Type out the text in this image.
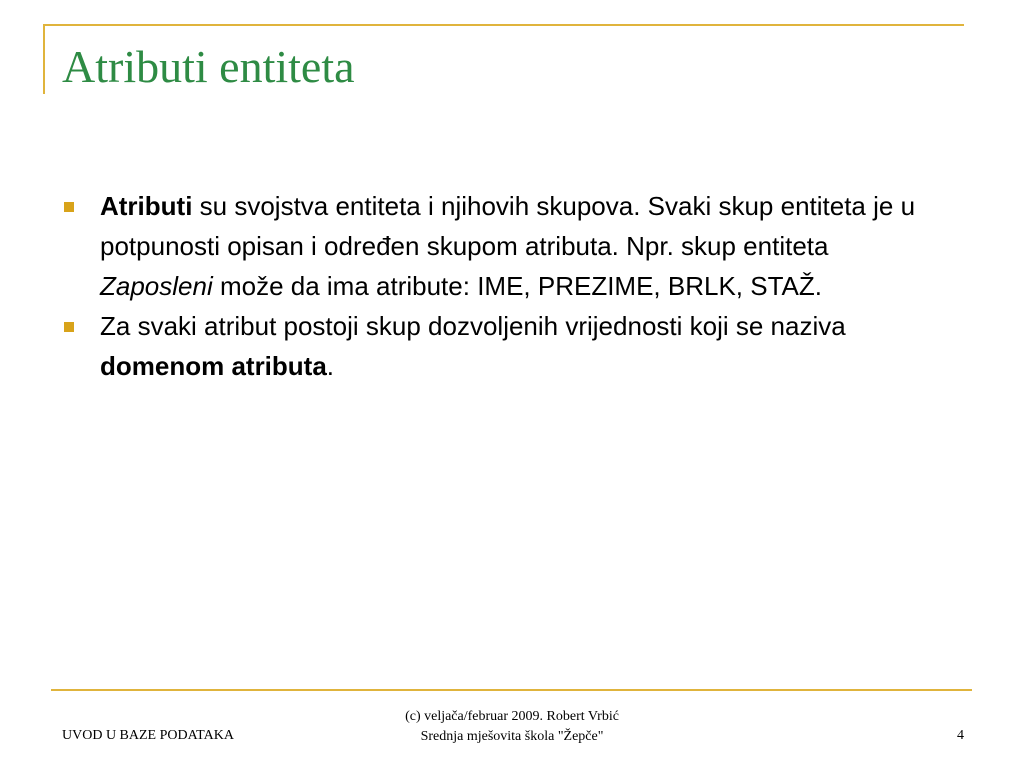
Atributi entiteta
Atributi su svojstva entiteta i njihovih skupova. Svaki skup entiteta je u potpunosti opisan i određen skupom atributa. Npr. skup entiteta Zaposleni može da ima atribute: IME, PREZIME, BRLK, STAŽ.
Za svaki atribut postoji skup dozvoljenih vrijednosti koji se naziva domenom atributa.
UVOD U BAZE PODATAKA
(c) veljača/februar 2009. Robert Vrbić
Srednja mješovita škola "Žepče"	4
